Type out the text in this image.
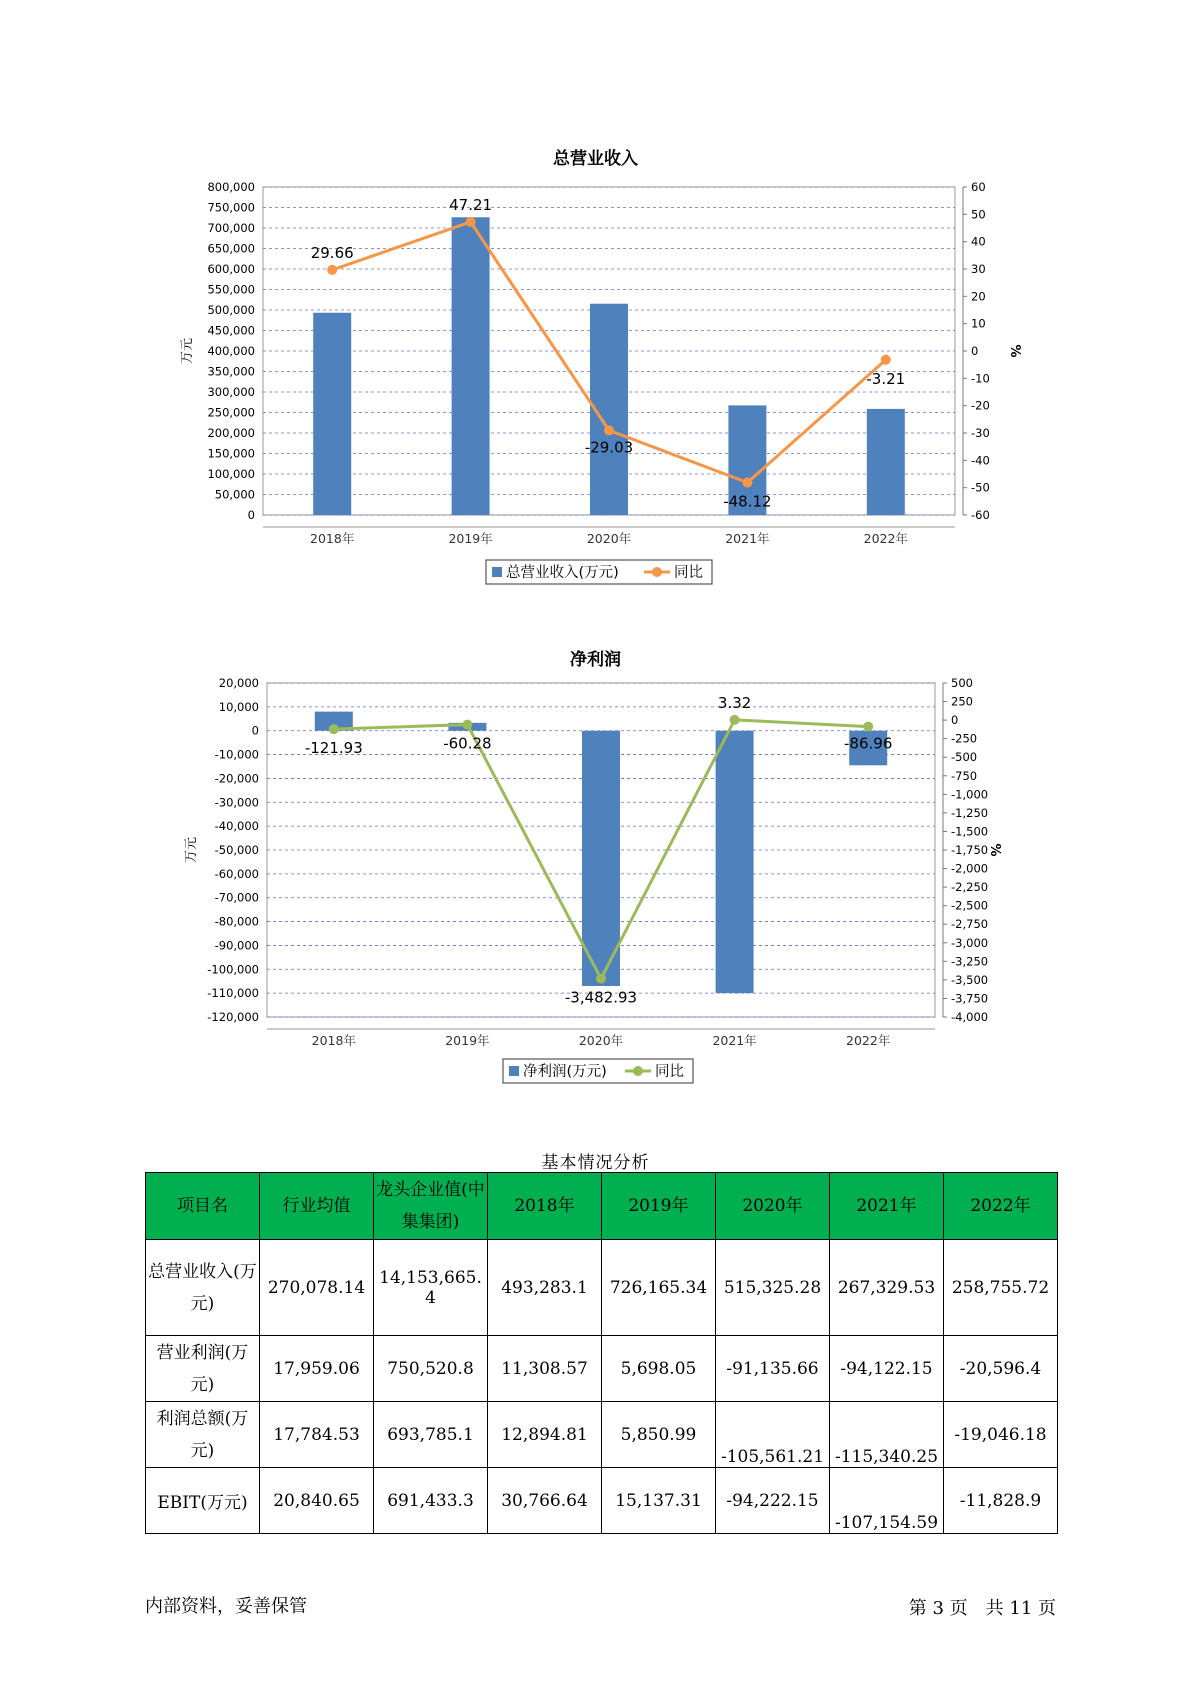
总营业收入
0
50,000
100,000
150,000
200,000
250,000
300,000
350,000
400,000
450,000
500,000
550,000
600,000
650,000
700,000
750,000
800,000
-60
-50
-40
-30
-20
-10
0
10
20
30
40
50
60
2018年	2019年	2020年	2021年	2022年
万元	%
29.66
47.21
-29.03
-48.12
-3.21
总营业收入(万元)	同比
净利润
20,000
10,000
0
-10,000
-20,000
-30,000
-40,000
-50,000
-60,000
-70,000
-80,000
-90,000
-100,000
-110,000
-120,000
500
250
0
-250
-500
-750
-1,000
-1,250
-1,500
-1,750
-2,000
-2,250
-2,500
-2,750
-3,000
-3,250
-3,500
-3,750
-4,000
2018年	2019年	2020年	2021年	2022年
万元	%
-121.93	-60.28
-3,482.93
3.32
-86.96
净利润(万元)	同比
基本情况分析
项目名	行业均值	龙头企业值(中集集团)	2018年	2019年	2020年	2021年	2022年
总营业收入(万元)	270,078.14	14,153,665.4	493,283.1	726,165.34	515,325.28	267,329.53	258,755.72
营业利润(万元)	17,959.06	750,520.8	11,308.57	5,698.05	-91,135.66	-94,122.15	-20,596.4
利润总额(万元)	17,784.53	693,785.1	12,894.81	5,850.99	-105,561.21	-115,340.25	-19,046.18
EBIT(万元)	20,840.65	691,433.3	30,766.64	15,137.31	-94,222.15	-107,154.59	-11,828.9
内部资料，妥善保管	第 3 页　共 11 页
